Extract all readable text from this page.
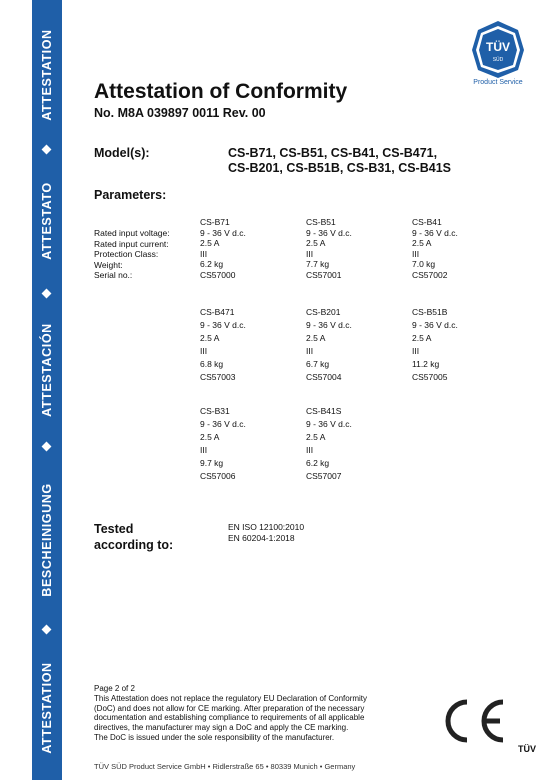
ATTESTATION
ATTESTATO
ATTESTACIÓN
BESCHEINIGUNG
ATTESTATION
TÜV
SÜD
Product Service
Attestation of Conformity
No. M8A 039897 0011 Rev. 00
Model(s):	CS-B71, CS-B51, CS-B41, CS-B471,
CS-B201, CS-B51B, CS-B31, CS-B41S
Parameters:
Rated input voltage:
Rated input current:
Protection Class:
Weight:
Serial no.:
CS-B71
9 - 36 V d.c.
2.5 A
III
6.2 kg
CS57000
CS-B51
9 - 36 V d.c.
2.5 A
III
7.7 kg
CS57001
CS-B41
9 - 36 V d.c.
2.5 A
III
7.0 kg
CS57002
CS-B471
9 - 36 V d.c.
2.5 A
III
6.8 kg
CS57003
CS-B201
9 - 36 V d.c.
2.5 A
III
6.7 kg
CS57004
CS-B51B
9 - 36 V d.c.
2.5 A
III
11.2 kg
CS57005
CS-B31
9 - 36 V d.c.
2.5 A
III
9.7 kg
CS57006
CS-B41S
9 - 36 V d.c.
2.5 A
III
6.2 kg
CS57007
Tested
according to:
EN ISO 12100:2010
EN 60204-1:2018
Page 2 of 2
This Attestation does not replace the regulatory EU Declaration of Conformity
(DoC) and does not allow for CE marking. After preparation of the necessary
documentation and establishing compliance to requirements of all applicable
directives, the manufacturer may sign a DoC and apply the CE marking.
The DoC is issued under the sole responsibility of the manufacturer.
TÜV SÜD Product Service GmbH • Ridlerstraße 65 • 80339 Munich • Germany
TÜV
